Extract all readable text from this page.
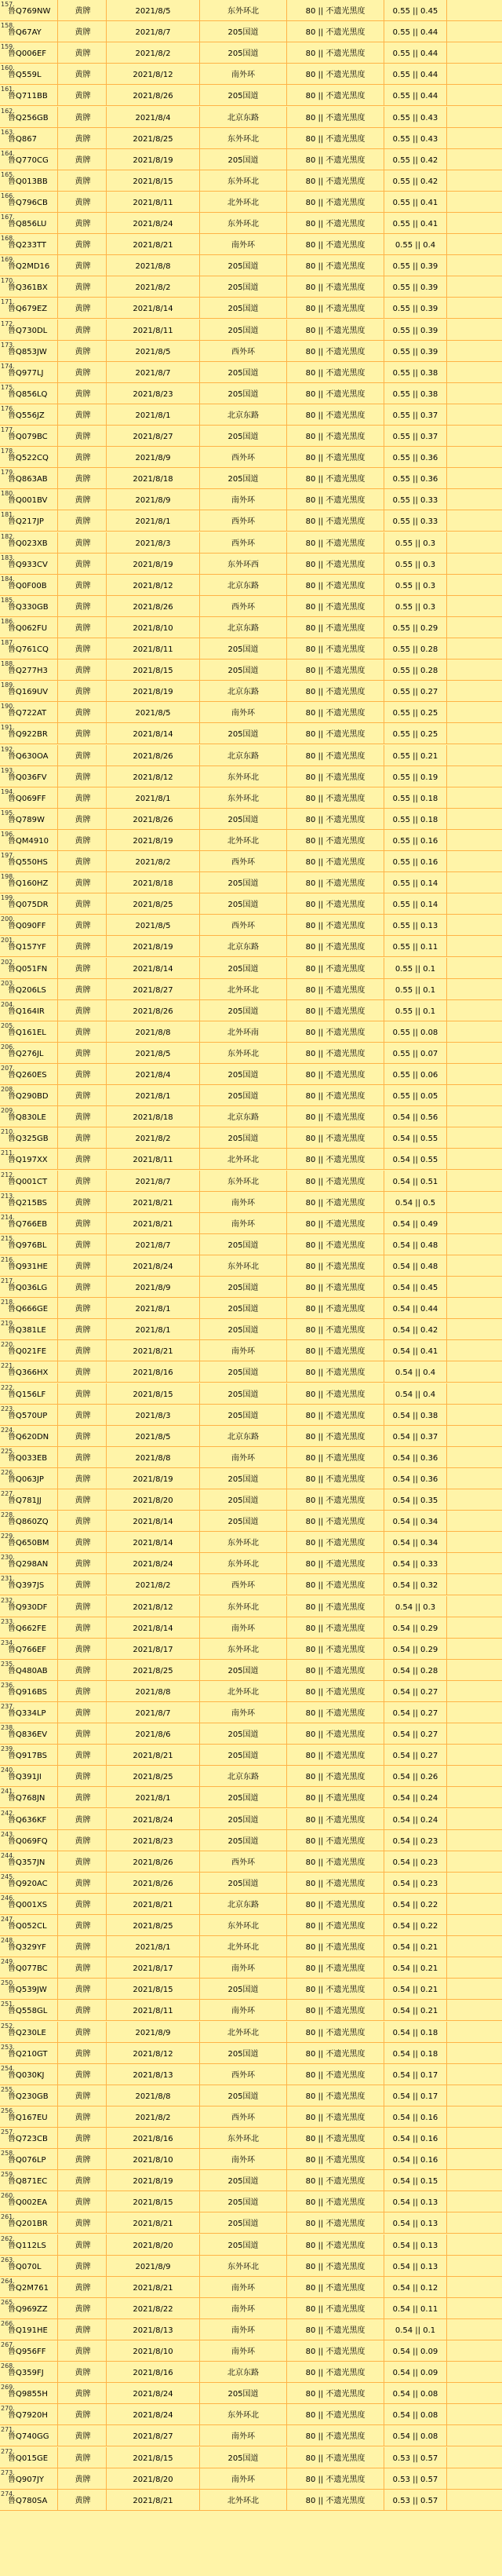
157.
鲁Q769NW	黄牌	2021/8/5	东外环北	80 || 不遗光黑度	0.55 || 0.45
158.
鲁Q67AY	黄牌	2021/8/7	205国道	80 || 不遗光黑度	0.55 || 0.44
159.
鲁Q006EF	黄牌	2021/8/2	205国道	80 || 不遗光黑度	0.55 || 0.44
160.
鲁Q559L	黄牌	2021/8/12	南外环	80 || 不遗光黑度	0.55 || 0.44
161.
鲁Q711BB	黄牌	2021/8/26	205国道	80 || 不遗光黑度	0.55 || 0.44
162.
鲁Q256GB	黄牌	2021/8/4	北京东路	80 || 不遗光黑度	0.55 || 0.43
163.
鲁Q867	黄牌	2021/8/25	东外环北	80 || 不遗光黑度	0.55 || 0.43
164.
鲁Q770CG	黄牌	2021/8/19	205国道	80 || 不遗光黑度	0.55 || 0.42
165.
鲁Q013BB	黄牌	2021/8/15	东外环北	80 || 不遗光黑度	0.55 || 0.42
166.
鲁Q796CB	黄牌	2021/8/11	北外环北	80 || 不遗光黑度	0.55 || 0.41
167.
鲁Q856LU	黄牌	2021/8/24	东外环北	80 || 不遗光黑度	0.55 || 0.41
168.
鲁Q233TT	黄牌	2021/8/21	南外环	80 || 不遗光黑度	0.55 || 0.4
169.
鲁Q2MD16	黄牌	2021/8/8	205国道	80 || 不遗光黑度	0.55 || 0.39
170.
鲁Q361BX	黄牌	2021/8/2	205国道	80 || 不遗光黑度	0.55 || 0.39
171.
鲁Q679EZ	黄牌	2021/8/14	205国道	80 || 不遗光黑度	0.55 || 0.39
172.
鲁Q730DL	黄牌	2021/8/11	205国道	80 || 不遗光黑度	0.55 || 0.39
173.
鲁Q853JW	黄牌	2021/8/5	西外环	80 || 不遗光黑度	0.55 || 0.39
174.
鲁Q977LJ	黄牌	2021/8/7	205国道	80 || 不遗光黑度	0.55 || 0.38
175.
鲁Q856LQ	黄牌	2021/8/23	205国道	80 || 不遗光黑度	0.55 || 0.38
176.
鲁Q556JZ	黄牌	2021/8/1	北京东路	80 || 不遗光黑度	0.55 || 0.37
177.
鲁Q079BC	黄牌	2021/8/27	205国道	80 || 不遗光黑度	0.55 || 0.37
178.
鲁Q522CQ	黄牌	2021/8/9	西外环	80 || 不遗光黑度	0.55 || 0.36
179.
鲁Q863AB	黄牌	2021/8/18	205国道	80 || 不遗光黑度	0.55 || 0.36
180.
鲁Q001BV	黄牌	2021/8/9	南外环	80 || 不遗光黑度	0.55 || 0.33
181.
鲁Q217JP	黄牌	2021/8/1	西外环	80 || 不遗光黑度	0.55 || 0.33
182.
鲁Q023XB	黄牌	2021/8/3	西外环	80 || 不遗光黑度	0.55 || 0.3
183.
鲁Q933CV	黄牌	2021/8/19	东外环西	80 || 不遗光黑度	0.55 || 0.3
184.
鲁Q0F00B	黄牌	2021/8/12	北京东路	80 || 不遗光黑度	0.55 || 0.3
185.
鲁Q330GB	黄牌	2021/8/26	西外环	80 || 不遗光黑度	0.55 || 0.3
186.
鲁Q062FU	黄牌	2021/8/10	北京东路	80 || 不遗光黑度	0.55 || 0.29
187.
鲁Q761CQ	黄牌	2021/8/11	205国道	80 || 不遗光黑度	0.55 || 0.28
188.
鲁Q277H3	黄牌	2021/8/15	205国道	80 || 不遗光黑度	0.55 || 0.28
189.
鲁Q169UV	黄牌	2021/8/19	北京东路	80 || 不遗光黑度	0.55 || 0.27
190.
鲁Q722AT	黄牌	2021/8/5	南外环	80 || 不遗光黑度	0.55 || 0.25
191.
鲁Q922BR	黄牌	2021/8/14	205国道	80 || 不遗光黑度	0.55 || 0.25
192.
鲁Q630OA	黄牌	2021/8/26	北京东路	80 || 不遗光黑度	0.55 || 0.21
193.
鲁Q036FV	黄牌	2021/8/12	东外环北	80 || 不遗光黑度	0.55 || 0.19
194.
鲁Q069FF	黄牌	2021/8/1	东外环北	80 || 不遗光黑度	0.55 || 0.18
195.
鲁Q789W	黄牌	2021/8/26	205国道	80 || 不遗光黑度	0.55 || 0.18
196.
鲁QM4910	黄牌	2021/8/19	北外环北	80 || 不遗光黑度	0.55 || 0.16
197.
鲁Q550HS	黄牌	2021/8/2	西外环	80 || 不遗光黑度	0.55 || 0.16
198.
鲁Q160HZ	黄牌	2021/8/18	205国道	80 || 不遗光黑度	0.55 || 0.14
199.
鲁Q075DR	黄牌	2021/8/25	205国道	80 || 不遗光黑度	0.55 || 0.14
200.
鲁Q090FF	黄牌	2021/8/5	西外环	80 || 不遗光黑度	0.55 || 0.13
201.
鲁Q157YF	黄牌	2021/8/19	北京东路	80 || 不遗光黑度	0.55 || 0.11
202.
鲁Q051FN	黄牌	2021/8/14	205国道	80 || 不遗光黑度	0.55 || 0.1
203.
鲁Q206LS	黄牌	2021/8/27	北外环北	80 || 不遗光黑度	0.55 || 0.1
204.
鲁Q164IR	黄牌	2021/8/26	205国道	80 || 不遗光黑度	0.55 || 0.1
205.
鲁Q161EL	黄牌	2021/8/8	北外环南	80 || 不遗光黑度	0.55 || 0.08
206.
鲁Q276JL	黄牌	2021/8/5	东外环北	80 || 不遗光黑度	0.55 || 0.07
207.
鲁Q260ES	黄牌	2021/8/4	205国道	80 || 不遗光黑度	0.55 || 0.06
208.
鲁Q290BD	黄牌	2021/8/1	205国道	80 || 不遗光黑度	0.55 || 0.05
209.
鲁Q830LE	黄牌	2021/8/18	北京东路	80 || 不遗光黑度	0.54 || 0.56
210.
鲁Q325GB	黄牌	2021/8/2	205国道	80 || 不遗光黑度	0.54 || 0.55
211.
鲁Q197XX	黄牌	2021/8/11	北外环北	80 || 不遗光黑度	0.54 || 0.55
212.
鲁Q001CT	黄牌	2021/8/7	东外环北	80 || 不遗光黑度	0.54 || 0.51
213.
鲁Q215BS	黄牌	2021/8/21	南外环	80 || 不遗光黑度	0.54 || 0.5
214.
鲁Q766EB	黄牌	2021/8/21	南外环	80 || 不遗光黑度	0.54 || 0.49
215.
鲁Q976BL	黄牌	2021/8/7	205国道	80 || 不遗光黑度	0.54 || 0.48
216.
鲁Q931HE	黄牌	2021/8/24	东外环北	80 || 不遗光黑度	0.54 || 0.48
217.
鲁Q036LG	黄牌	2021/8/9	205国道	80 || 不遗光黑度	0.54 || 0.45
218.
鲁Q666GE	黄牌	2021/8/1	205国道	80 || 不遗光黑度	0.54 || 0.44
219.
鲁Q381LE	黄牌	2021/8/1	205国道	80 || 不遗光黑度	0.54 || 0.42
220.
鲁Q021FE	黄牌	2021/8/21	南外环	80 || 不遗光黑度	0.54 || 0.41
221.
鲁Q366HX	黄牌	2021/8/16	205国道	80 || 不遗光黑度	0.54 || 0.4
222.
鲁Q156LF	黄牌	2021/8/15	205国道	80 || 不遗光黑度	0.54 || 0.4
223.
鲁Q570UP	黄牌	2021/8/3	205国道	80 || 不遗光黑度	0.54 || 0.38
224.
鲁Q620DN	黄牌	2021/8/5	北京东路	80 || 不遗光黑度	0.54 || 0.37
225.
鲁Q033EB	黄牌	2021/8/8	南外环	80 || 不遗光黑度	0.54 || 0.36
226.
鲁Q063JP	黄牌	2021/8/19	205国道	80 || 不遗光黑度	0.54 || 0.36
227.
鲁Q781JJ	黄牌	2021/8/20	205国道	80 || 不遗光黑度	0.54 || 0.35
228.
鲁Q860ZQ	黄牌	2021/8/14	205国道	80 || 不遗光黑度	0.54 || 0.34
229.
鲁Q650BM	黄牌	2021/8/14	东外环北	80 || 不遗光黑度	0.54 || 0.34
230.
鲁Q298AN	黄牌	2021/8/24	东外环北	80 || 不遗光黑度	0.54 || 0.33
231.
鲁Q397JS	黄牌	2021/8/2	西外环	80 || 不遗光黑度	0.54 || 0.32
232.
鲁Q930DF	黄牌	2021/8/12	东外环北	80 || 不遗光黑度	0.54 || 0.3
233.
鲁Q662FE	黄牌	2021/8/14	南外环	80 || 不遗光黑度	0.54 || 0.29
234.
鲁Q766EF	黄牌	2021/8/17	东外环北	80 || 不遗光黑度	0.54 || 0.29
235.
鲁Q480AB	黄牌	2021/8/25	205国道	80 || 不遗光黑度	0.54 || 0.28
236.
鲁Q916BS	黄牌	2021/8/8	北外环北	80 || 不遗光黑度	0.54 || 0.27
237.
鲁Q334LP	黄牌	2021/8/7	南外环	80 || 不遗光黑度	0.54 || 0.27
238.
鲁Q836EV	黄牌	2021/8/6	205国道	80 || 不遗光黑度	0.54 || 0.27
239.
鲁Q917BS	黄牌	2021/8/21	205国道	80 || 不遗光黑度	0.54 || 0.27
240.
鲁Q391JI	黄牌	2021/8/25	北京东路	80 || 不遗光黑度	0.54 || 0.26
241.
鲁Q768JN	黄牌	2021/8/1	205国道	80 || 不遗光黑度	0.54 || 0.24
242.
鲁Q636KF	黄牌	2021/8/24	205国道	80 || 不遗光黑度	0.54 || 0.24
243.
鲁Q069FQ	黄牌	2021/8/23	205国道	80 || 不遗光黑度	0.54 || 0.23
244.
鲁Q357JN	黄牌	2021/8/26	西外环	80 || 不遗光黑度	0.54 || 0.23
245.
鲁Q920AC	黄牌	2021/8/26	205国道	80 || 不遗光黑度	0.54 || 0.23
246.
鲁Q001XS	黄牌	2021/8/21	北京东路	80 || 不遗光黑度	0.54 || 0.22
247.
鲁Q052CL	黄牌	2021/8/25	东外环北	80 || 不遗光黑度	0.54 || 0.22
248.
鲁Q329YF	黄牌	2021/8/1	北外环北	80 || 不遗光黑度	0.54 || 0.21
249.
鲁Q077BC	黄牌	2021/8/17	南外环	80 || 不遗光黑度	0.54 || 0.21
250.
鲁Q539JW	黄牌	2021/8/15	205国道	80 || 不遗光黑度	0.54 || 0.21
251.
鲁Q558GL	黄牌	2021/8/11	南外环	80 || 不遗光黑度	0.54 || 0.21
252.
鲁Q230LE	黄牌	2021/8/9	北外环北	80 || 不遗光黑度	0.54 || 0.18
253.
鲁Q210GT	黄牌	2021/8/12	205国道	80 || 不遗光黑度	0.54 || 0.18
254.
鲁Q030KJ	黄牌	2021/8/13	西外环	80 || 不遗光黑度	0.54 || 0.17
255.
鲁Q230GB	黄牌	2021/8/8	205国道	80 || 不遗光黑度	0.54 || 0.17
256.
鲁Q167EU	黄牌	2021/8/2	西外环	80 || 不遗光黑度	0.54 || 0.16
257.
鲁Q723CB	黄牌	2021/8/16	东外环北	80 || 不遗光黑度	0.54 || 0.16
258.
鲁Q076LP	黄牌	2021/8/10	南外环	80 || 不遗光黑度	0.54 || 0.16
259.
鲁Q871EC	黄牌	2021/8/19	205国道	80 || 不遗光黑度	0.54 || 0.15
260.
鲁Q002EA	黄牌	2021/8/15	205国道	80 || 不遗光黑度	0.54 || 0.13
261.
鲁Q201BR	黄牌	2021/8/21	205国道	80 || 不遗光黑度	0.54 || 0.13
262.
鲁Q112LS	黄牌	2021/8/20	205国道	80 || 不遗光黑度	0.54 || 0.13
263.
鲁Q070L	黄牌	2021/8/9	东外环北	80 || 不遗光黑度	0.54 || 0.13
264.
鲁Q2M761	黄牌	2021/8/21	南外环	80 || 不遗光黑度	0.54 || 0.12
265.
鲁Q969ZZ	黄牌	2021/8/22	南外环	80 || 不遗光黑度	0.54 || 0.11
266.
鲁Q191HE	黄牌	2021/8/13	南外环	80 || 不遗光黑度	0.54 || 0.1
267.
鲁Q956FF	黄牌	2021/8/10	南外环	80 || 不遗光黑度	0.54 || 0.09
268.
鲁Q359FJ	黄牌	2021/8/16	北京东路	80 || 不遗光黑度	0.54 || 0.09
269.
鲁Q9855H	黄牌	2021/8/24	205国道	80 || 不遗光黑度	0.54 || 0.08
270.
鲁Q7920H	黄牌	2021/8/24	东外环北	80 || 不遗光黑度	0.54 || 0.08
271.
鲁Q740GG	黄牌	2021/8/27	南外环	80 || 不遗光黑度	0.54 || 0.08
272.
鲁Q015GE	黄牌	2021/8/15	205国道	80 || 不遗光黑度	0.53 || 0.57
273.
鲁Q907JY	黄牌	2021/8/20	南外环	80 || 不遗光黑度	0.53 || 0.57
274.
鲁Q780SA	黄牌	2021/8/21	北外环北	80 || 不遗光黑度	0.53 || 0.57
